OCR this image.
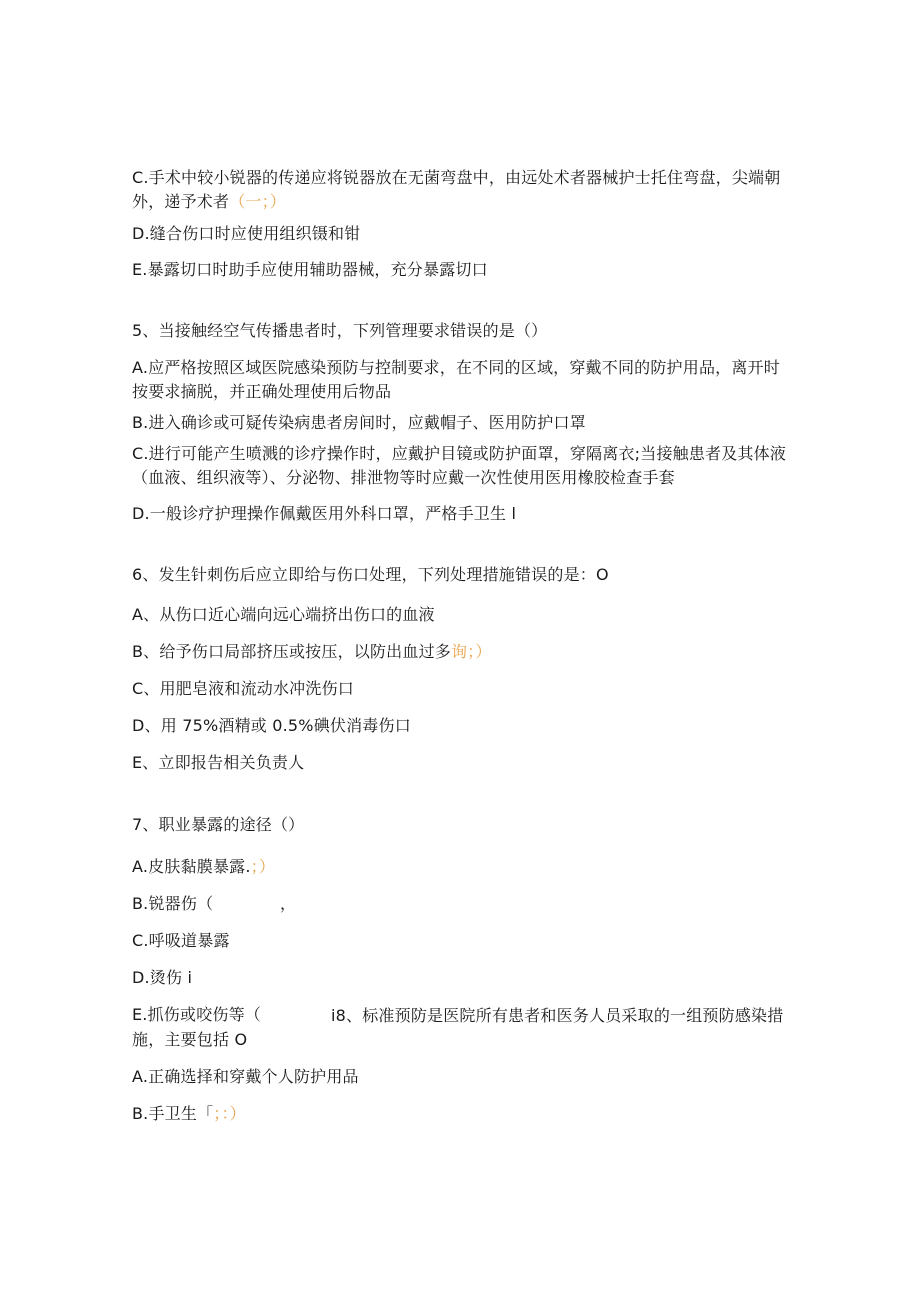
C.手术中较小锐器的传递应将锐器放在无菌弯盘中，由远处术者器械护士托住弯盘，尖端朝外，递予术者（一；）
D.缝合伤口时应使用组织镊和钳
E.暴露切口时助手应使用辅助器械，充分暴露切口
5、当接触经空气传播患者时，下列管理要求错误的是（）
A.应严格按照区域医院感染预防与控制要求，在不同的区域，穿戴不同的防护用品，离开时按要求摘脱，并正确处理使用后物品
B.进入确诊或可疑传染病患者房间时，应戴帽子、医用防护口罩
C.进行可能产生喷溅的诊疗操作时，应戴护目镜或防护面罩，穿隔离衣;当接触患者及其体液（血液、组织液等）、分泌物、排泄物等时应戴一次性使用医用橡胶检查手套
D.一般诊疗护理操作佩戴医用外科口罩，严格手卫生 l
6、发生针刺伤后应立即给与伤口处理，下列处理措施错误的是：O
A、从伤口近心端向远心端挤出伤口的血液
B、给予伤口局部挤压或按压，以防出血过多询；）
C、用肥皂液和流动水冲洗伤口
D、用 75%酒精或 0.5%碘伏消毒伤口
E、立即报告相关负责人
7、职业暴露的途径（）
A.皮肤黏膜暴露.；）
B.锐器伤（	，
C.呼吸道暴露
D.烫伤 i
E.抓伤或咬伤等（	i8、标准预防是医院所有患者和医务人员采取的一组预防感染措施，主要包括 O
A.正确选择和穿戴个人防护用品
B.手卫生「；：）
